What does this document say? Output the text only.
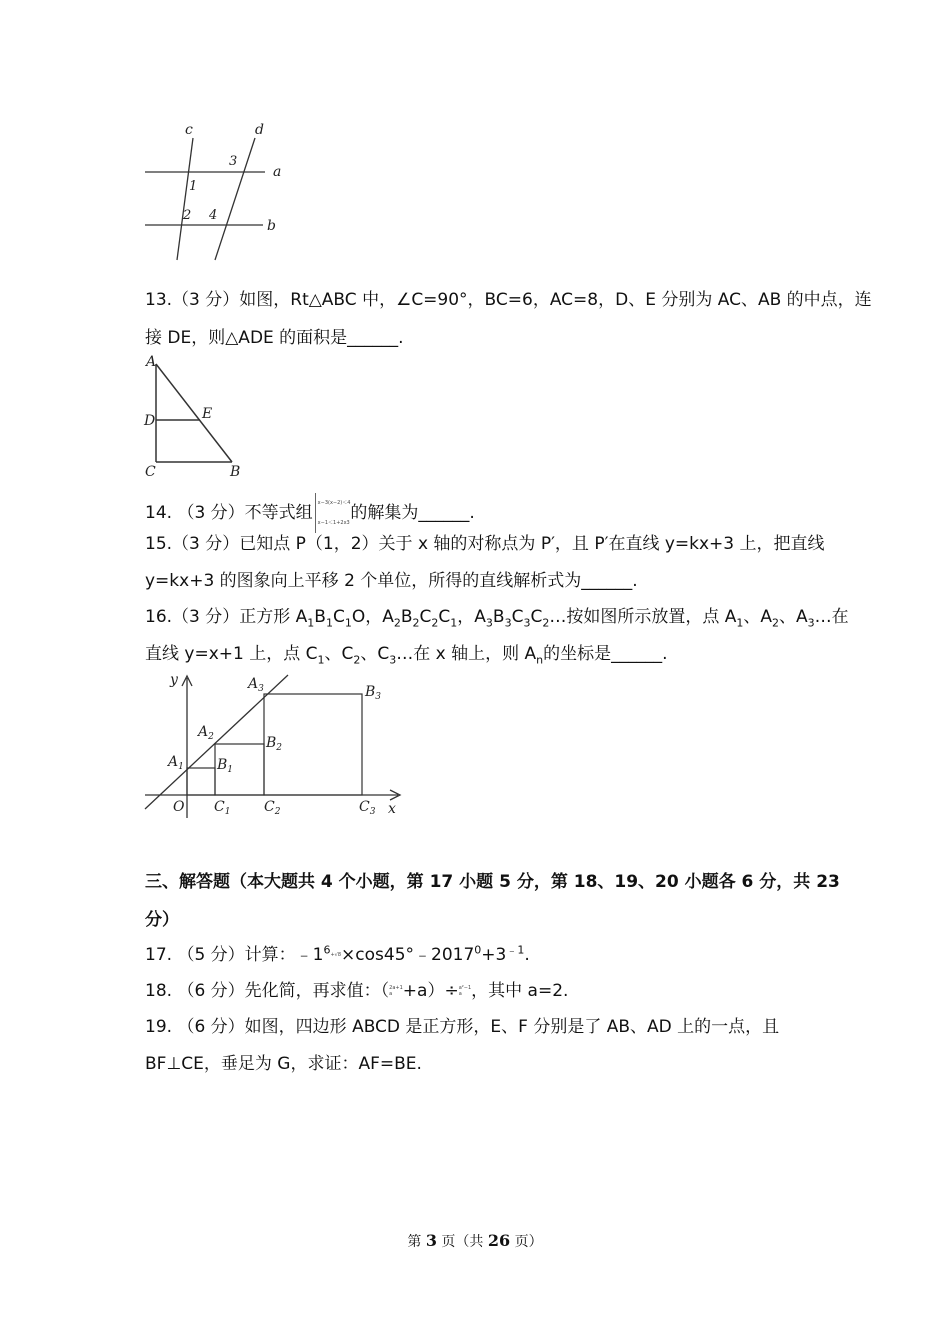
c	d
a
b
1
2
3
4
13.（3 分）如图，Rt△ABC 中，∠C=90°，BC=6，AC=8，D、E 分别为 AC、AB 的中点，连
接 DE，则△ADE 的面积是______.
A
D	E
C	B
14. （3 分）不等式组 x−3(x−2)＜4
x−1＜1+2x3的解集为______.
15.（3 分）已知点 P（1，2）关于 x 轴的对称点为 P′，且 P′在直线 y=kx+3 上，把直线
y=kx+3 的图象向上平移 2 个单位，所得的直线解析式为______.
16.（3 分）正方形 $A_1B_1C_1O$，$A_2B_2C_2C_1$，$A_3B_3C_3C_2\dots$按如图所示放置，点 $A_1$、$A_2$、$A_3\dots$在
直线 y=x+1 上，点 $C_1$、$C_2$、$C_3\dots$在 x 轴上，则 $A_n$的坐标是______.
y
x
O
$A_1$
$A_2$
$A_3$
$B_1$
$B_2$
$B_3$
$C_1$ $C_2$	$C_3$
三、解答题（本大题共 4 个小题，第 17 小题 5 分，第 18、19、20 小题各 6 分，共 23
分）
17. （5 分）计算：$﹣1^6+√8\times\cos 45^\circ﹣2017^0+3^{﹣1}$.
18. （6 分）先化简，再求值：（2a+1
a +a）÷a²−1
a ，其中 a=2.
19. （6 分）如图，四边形 ABCD 是正方形，E、F 分别是了 AB、AD 上的一点，且
BF⊥CE，垂足为 G，求证：AF=BE.
第 3 页（共 26 页）
